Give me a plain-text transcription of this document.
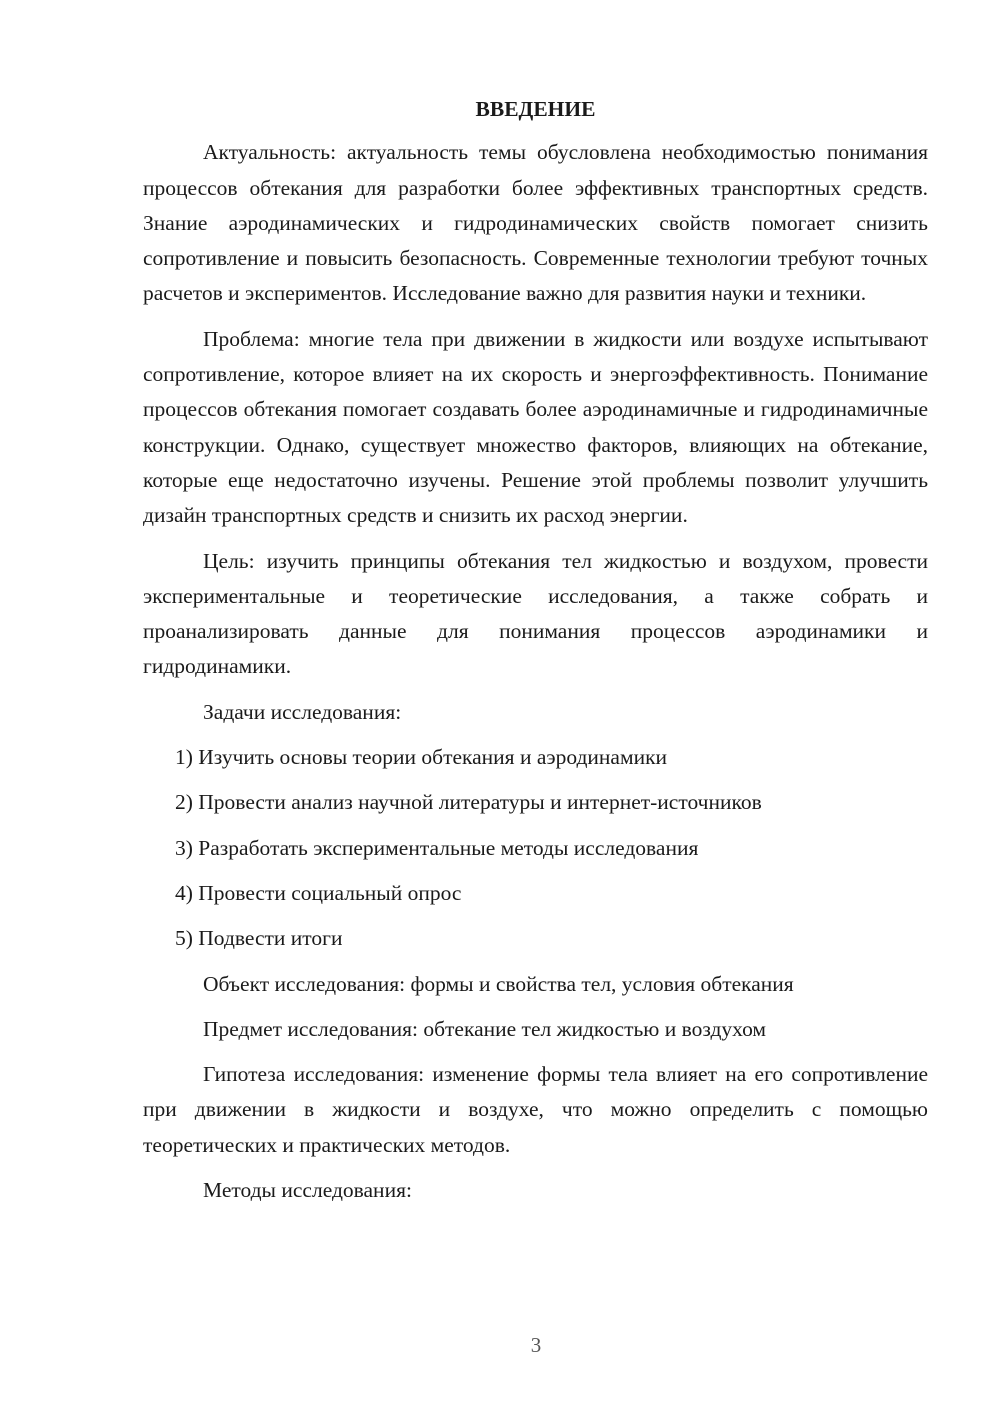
ВВЕДЕНИЕ

Актуальность: актуальность темы обусловлена необходимостью понимания процессов обтекания для разработки более эффективных транспортных средств. Знание аэродинамических и гидродинамических свойств помогает снизить сопротивление и повысить безопасность. Современные технологии требуют точных расчетов и экспериментов. Исследование важно для развития науки и техники.

Проблема: многие тела при движении в жидкости или воздухе испытывают сопротивление, которое влияет на их скорость и энергоэффективность. Понимание процессов обтекания помогает создавать более аэродинамичные и гидродинамичные конструкции. Однако, существует множество факторов, влияющих на обтекание, которые еще недостаточно изучены. Решение этой проблемы позволит улучшить дизайн транспортных средств и снизить их расход энергии.

Цель: изучить принципы обтекания тел жидкостью и воздухом, провести экспериментальные и теоретические исследования, а также собрать и проанализировать данные для понимания процессов аэродинамики и гидродинамики.

Задачи исследования:

1) Изучить основы теории обтекания и аэродинамики
2) Провести анализ научной литературы и интернет-источников
3) Разработать экспериментальные методы исследования
4) Провести социальный опрос
5) Подвести итоги

Объект исследования: формы и свойства тел, условия обтекания

Предмет исследования: обтекание тел жидкостью и воздухом

Гипотеза исследования: изменение формы тела влияет на его сопротивление при движении в жидкости и воздухе, что можно определить с помощью теоретических и практических методов.

Методы исследования:

3
